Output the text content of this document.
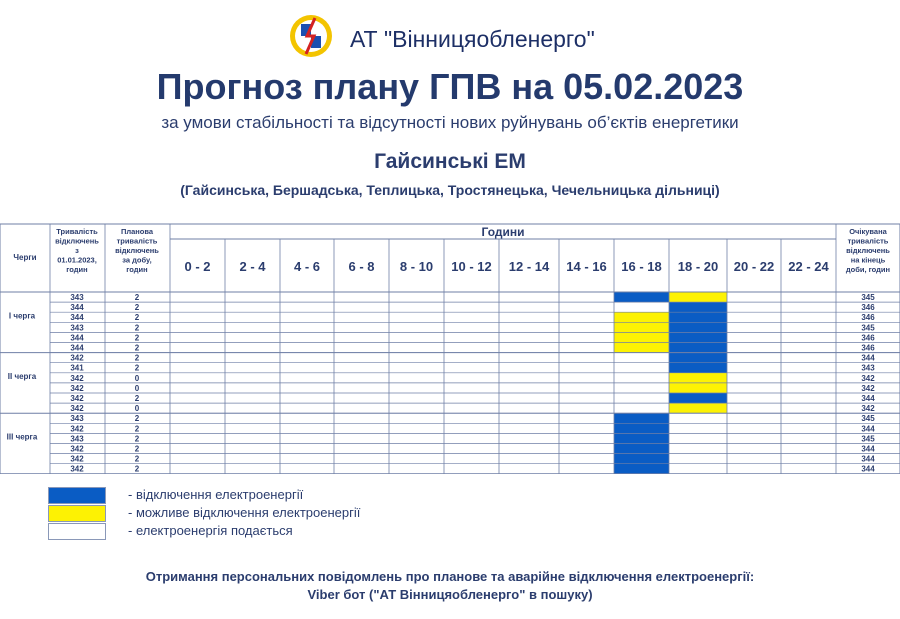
АТ "Вінницяобленерго"
Прогноз плану ГПВ на 05.02.2023
за умови стабільності та відсутності нових руйнувань об’єктів енергетики
Гайсинські ЕМ
(Гайсинська, Бершадська, Теплицька, Тростянецька, Чечельницька дільниці)
Черги
Тривалість
відключень
з
01.01.2023,
годин
Планова
тривалість
відключень
за добу,
годин
Години
0 - 2 2 - 4 4 - 6 6 - 8 8 - 10 10 - 12 12 - 14 14 - 16 16 - 18 18 - 20 20 - 22 22 - 24
Очікувана
тривалість
відключень
на кінець
доби, годин
І черга
343	2	345
344	2	346
344	2	346
343	2	345
344	2	346
344	2	346
ІІ черга
342	2	344
341	2	343
342	0	342
342	0	342
342	2	344
342	0	342
ІІІ черга
343	2	345
342	2	344
343	2	345
342	2	344
342	2	344
342	2	344
- відключення електроенергії
- можливе відключення електроенергії
- електроенергія подається
Отримання персональних повідомлень про планове та аварійне відключення електроенергії:
Viber бот ("АТ Вінницяобленерго" в пошуку)
